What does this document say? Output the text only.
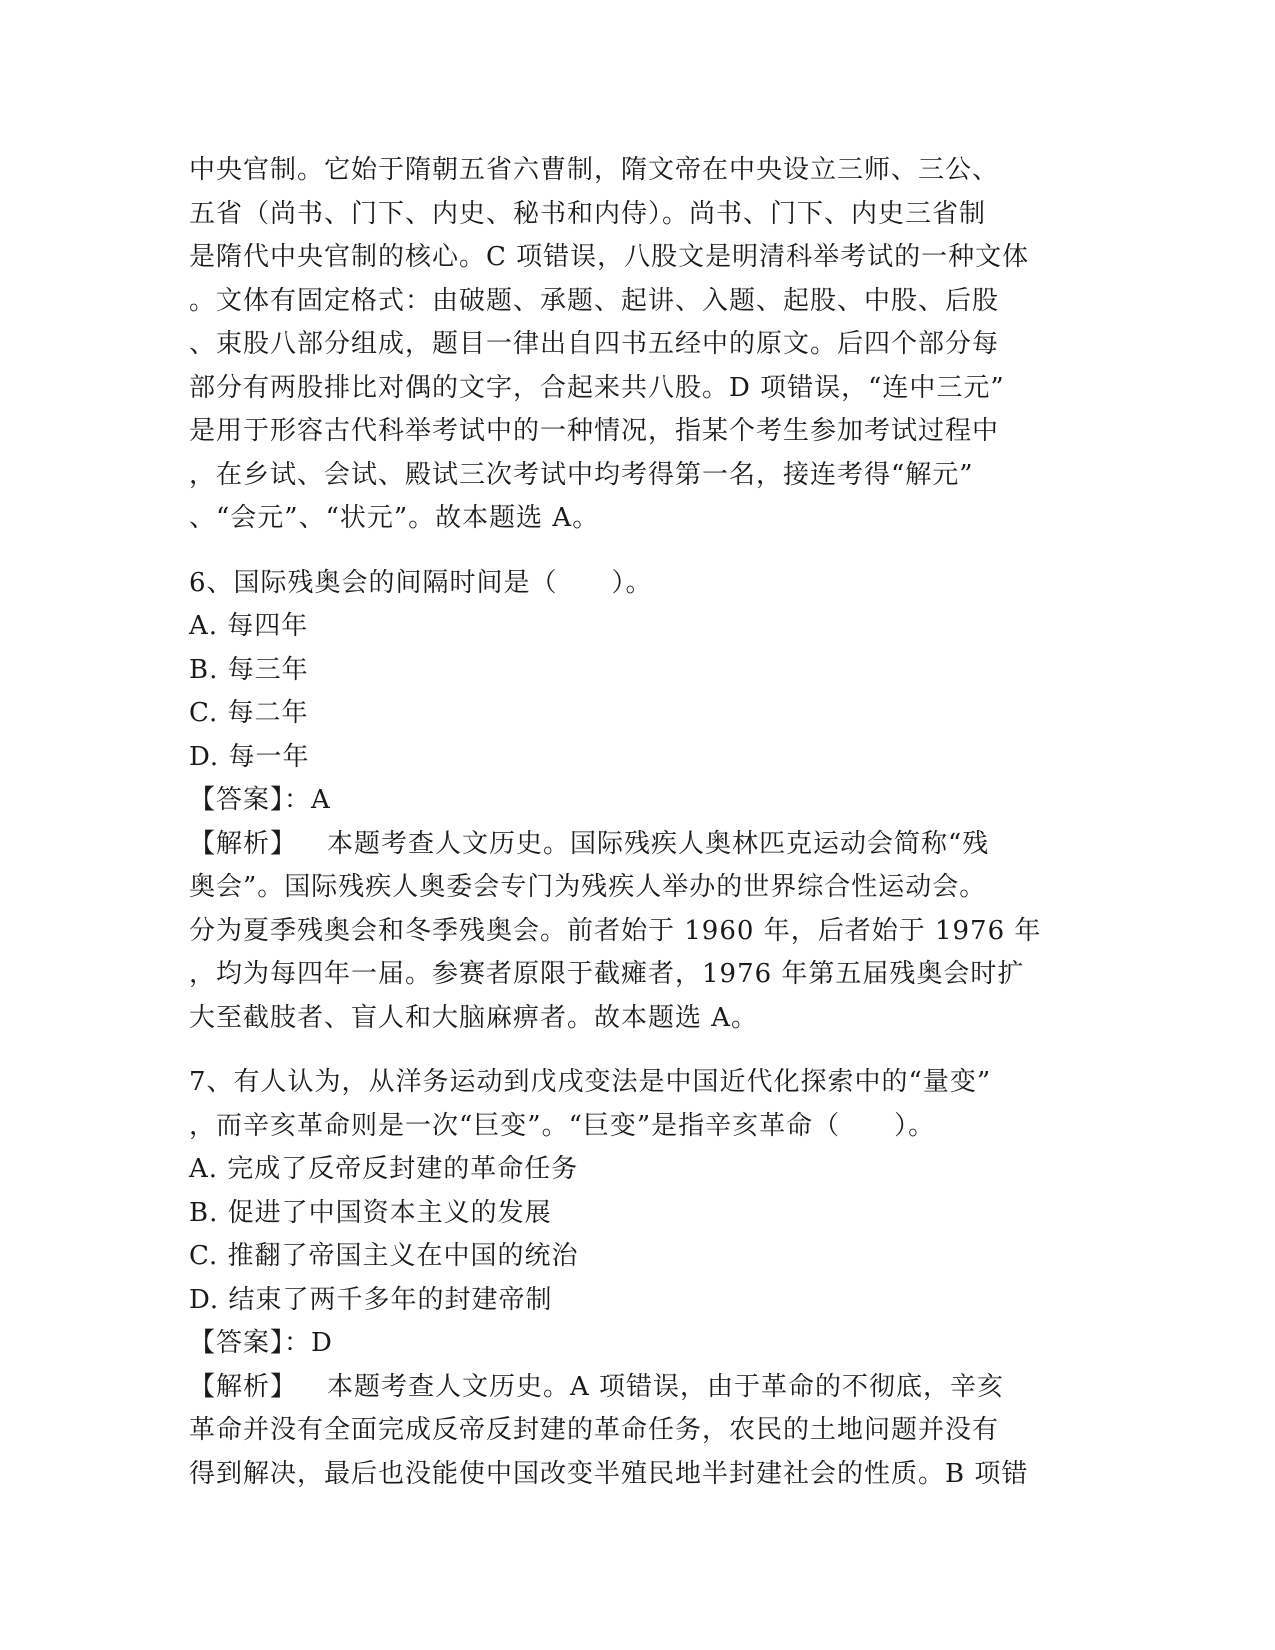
中央官制。它始于隋朝五省六曹制，隋文帝在中央设立三师、三公、
五省（尚书、门下、内史、秘书和内侍）。尚书、门下、内史三省制
是隋代中央官制的核心。C 项错误，八股文是明清科举考试的一种文体
。文体有固定格式：由破题、承题、起讲、入题、起股、中股、后股
、束股八部分组成，题目一律出自四书五经中的原文。后四个部分每
部分有两股排比对偶的文字，合起来共八股。D 项错误，“连中三元”
是用于形容古代科举考试中的一种情况，指某个考生参加考试过程中
，在乡试、会试、殿试三次考试中均考得第一名，接连考得“解元”
、“会元”、“状元”。故本题选 A。
6、国际残奥会的间隔时间是（　　）。
A. 每四年
B. 每三年
C. 每二年
D. 每一年
【答案】：A
【解析】 本题考查人文历史。国际残疾人奥林匹克运动会简称“残
奥会”。国际残疾人奥委会专门为残疾人举办的世界综合性运动会。
分为夏季残奥会和冬季残奥会。前者始于 1960 年，后者始于 1976 年
，均为每四年一届。参赛者原限于截瘫者，1976 年第五届残奥会时扩
大至截肢者、盲人和大脑麻痹者。故本题选 A。
7、有人认为，从洋务运动到戊戌变法是中国近代化探索中的“量变”
，而辛亥革命则是一次“巨变”。“巨变”是指辛亥革命（　　）。
A. 完成了反帝反封建的革命任务
B. 促进了中国资本主义的发展
C. 推翻了帝国主义在中国的统治
D. 结束了两千多年的封建帝制
【答案】：D
【解析】 本题考查人文历史。A 项错误，由于革命的不彻底，辛亥
革命并没有全面完成反帝反封建的革命任务，农民的土地问题并没有
得到解决，最后也没能使中国改变半殖民地半封建社会的性质。B 项错
